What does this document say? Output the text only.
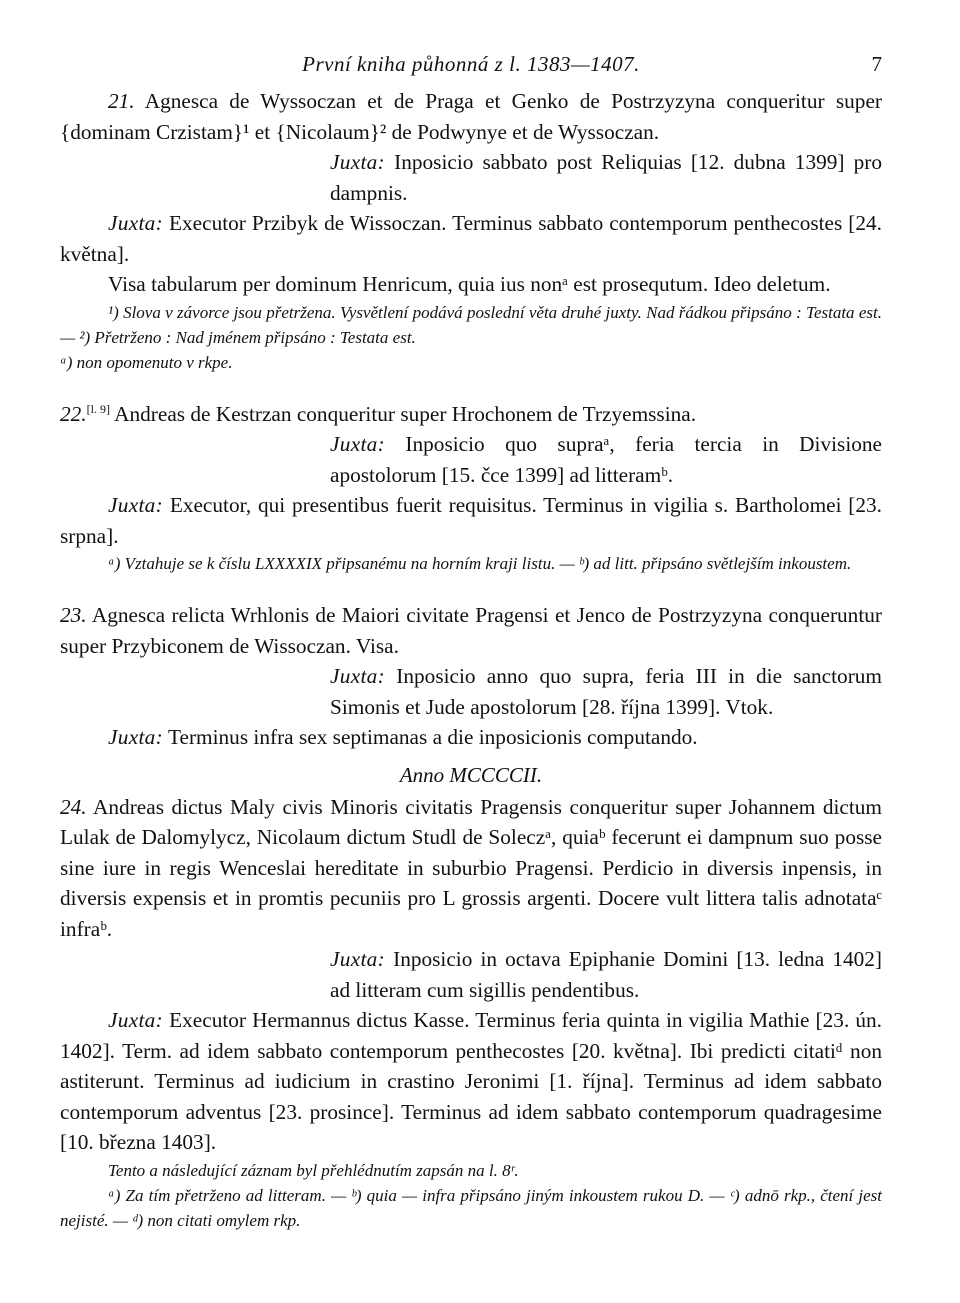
První kniha půhonná z l. 1383—1407.	7

21. Agnesca de Wyssoczan et de Praga et Genko de Postrzyzyna conqueritur super {dominam Crzistam}¹ et {Nicolaum}² de Podwynye et de Wyssoczan.

Juxta: Inposicio sabbato post Reliquias [12. dubna 1399] pro dampnis.

Juxta: Executor Przibyk de Wissoczan. Terminus sabbato contemporum penthecostes [24. května].

Visa tabularum per dominum Henricum, quia ius nonᵃ est prosequtum. Ideo deletum.

¹) Slova v závorce jsou přetržena. Vysvětlení podává poslední věta druhé juxty. Nad řádkou připsáno : Testata est. — ²) Přetrženo : Nad jménem připsáno : Testata est.

ᵃ) non opomenuto v rkpe.

22.[l. 9] Andreas de Kestrzan conqueritur super Hrochonem de Trzyemssina.

Juxta: Inposicio quo supraᵃ, feria tercia in Divisione apostolorum [15. čce 1399] ad litteramᵇ.

Juxta: Executor, qui presentibus fuerit requisitus. Terminus in vigilia s. Bartholomei [23. srpna].

ᵃ) Vztahuje se k číslu LXXXXIX připsanému na horním kraji listu. — ᵇ) ad litt. připsáno světlejším inkoustem.

23. Agnesca relicta Wrhlonis de Maiori civitate Pragensi et Jenco de Postrzyzyna conqueruntur super Przybiconem de Wissoczan. Visa.

Juxta: Inposicio anno quo supra, feria III in die sanctorum Simonis et Jude apostolorum [28. října 1399]. Vtok.

Juxta: Terminus infra sex septimanas a die inposicionis computando.

Anno MCCCCII.

24. Andreas dictus Maly civis Minoris civitatis Pragensis conqueritur super Johannem dictum Lulak de Dalomylycz, Nicolaum dictum Studl de Soleczᵃ, quiaᵇ fecerunt ei dampnum suo posse sine iure in regis Wenceslai hereditate in suburbio Pragensi. Perdicio in diversis inpensis, in diversis expensis et in promtis pecuniis pro L grossis argenti. Docere vult littera talis adnotataᶜ infraᵇ.

Juxta: Inposicio in octava Epiphanie Domini [13. ledna 1402] ad litteram cum sigillis pendentibus.

Juxta: Executor Hermannus dictus Kasse. Terminus feria quinta in vigilia Mathie [23. ún. 1402]. Term. ad idem sabbato contemporum penthecostes [20. května]. Ibi predicti citatiᵈ non astiterunt. Terminus ad iudicium in crastino Jeronimi [1. října]. Terminus ad idem sabbato contemporum adventus [23. prosince]. Terminus ad idem sabbato contemporum quadragesime [10. března 1403].

Tento a následující záznam byl přehlédnutím zapsán na l. 8ʳ.

ᵃ) Za tím přetrženo ad litteram. — ᵇ) quia — infra připsáno jiným inkoustem rukou D. — ᶜ) adnō rkp., čtení jest nejisté. — ᵈ) non citati omylem rkp.
